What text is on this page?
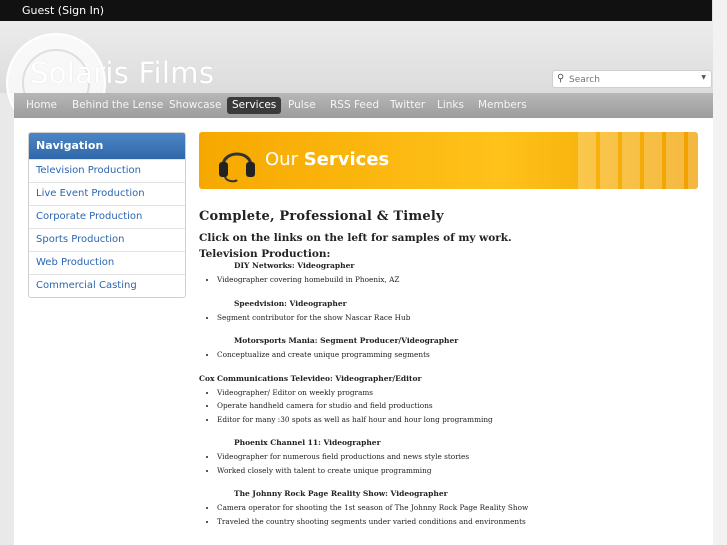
Guest (Sign In)
Solaris Films	⚲
Search	▼
Home	Behind the Lense Showcase	Services	Pulse	RSS Feed	Twitter	Links	Members
Navigation
Television Production
Live Event Production
Corporate Production
Sports Production
Web Production
Commercial Casting
Our Services
Complete, Professional & Timely
Click on the links on the left for samples of my work.
Television Production:
DIY Networks: Videographer
• Videographer covering homebuild in Phoenix, AZ
Speedvision: Videographer
• Segment contributor for the show Nascar Race Hub
Motorsports Mania: Segment Producer/Videographer
• Conceptualize and create unique programming segments
Cox Communications Televideo: Videographer/Editor
• Videographer/ Editor on weekly programs
• Operate handheld camera for studio and field productions
• Editor for many :30 spots as well as half hour and hour long programming
Phoenix Channel 11: Videographer
• Videographer for numerous field productions and news style stories
• Worked closely with talent to create unique programming
The Johnny Rock Page Reality Show: Videographer
• Camera operator for shooting the 1st season of The Johnny Rock Page Reality Show
• Traveled the country shooting segments under varied conditions and environments
